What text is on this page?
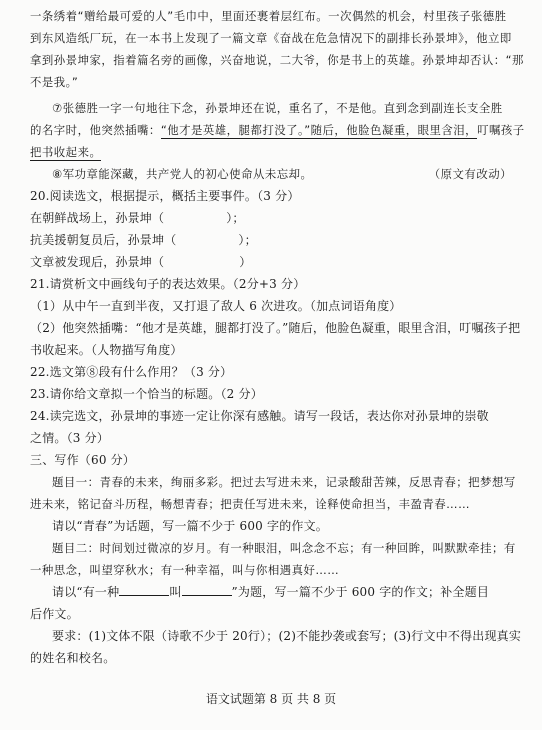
一条绣着“赠给最可爱的人”毛巾中，里面还裹着层红布。一次偶然的机会，村里孩子张德胜
到东风造纸厂玩，在一本书上发现了一篇文章《奋战在危急情况下的副排长孙景坤》，他立即
拿到孙景坤家，指着篇名旁的画像，兴奋地说，二大爷，你是书上的英雄。孙景坤却否认：“那
不是我。”
⑦张德胜一字一句地往下念，孙景坤还在说，重名了，不是他。直到念到副连长支全胜
的名字时，他突然插嘴：“他才是英雄，腿都打没了。”随后，他脸色凝重，眼里含泪，叮嘱孩子
把书收起来。
⑧军功章能深藏，共产党人的初心使命从未忘却。	（原文有改动）
20.阅读选文，根据提示，概括主要事件。（3 分）
在朝鲜战场上，孙景坤（	）；
抗美援朝复员后，孙景坤（	）；
文章被发现后，孙景坤（	）
21.请赏析文中画线句子的表达效果。（2分+3 分）
（1）从中午一直到半夜，又打退了敌人 6 次进攻。（加点词语角度）
（2）他突然插嘴：“他才是英雄，腿都打没了。”随后，他脸色凝重，眼里含泪，叮嘱孩子把
书收起来。（人物描写角度）
22.选文第⑧段有什么作用？（3 分）
23.请你给文章拟一个恰当的标题。（2 分）
24.读完选文，孙景坤的事迹一定让你深有感触。请写一段话，表达你对孙景坤的崇敬
之情。（3 分）
三、写作（60 分）
题目一：青春的未来，绚丽多彩。把过去写进未来，记录酸甜苦辣，反思青春；把梦想写
进未来，铭记奋斗历程，畅想青春；把责任写进未来，诠释使命担当，丰盈青春……
请以“青春”为话题，写一篇不少于 600 字的作文。
题目二：时间划过微凉的岁月。有一种眼泪，叫念念不忘；有一种回眸，叫默默牵挂；有
一种思念，叫望穿秋水；有一种幸福，叫与你相遇真好……
请以“有一种	叫	”为题，写一篇不少于 600 字的作文；补全题目
后作文。
要求：(1)文体不限（诗歌不少于 20行）；(2)不能抄袭或套写；(3)行文中不得出现真实
的姓名和校名。
语文试题第 8 页 共 8 页
